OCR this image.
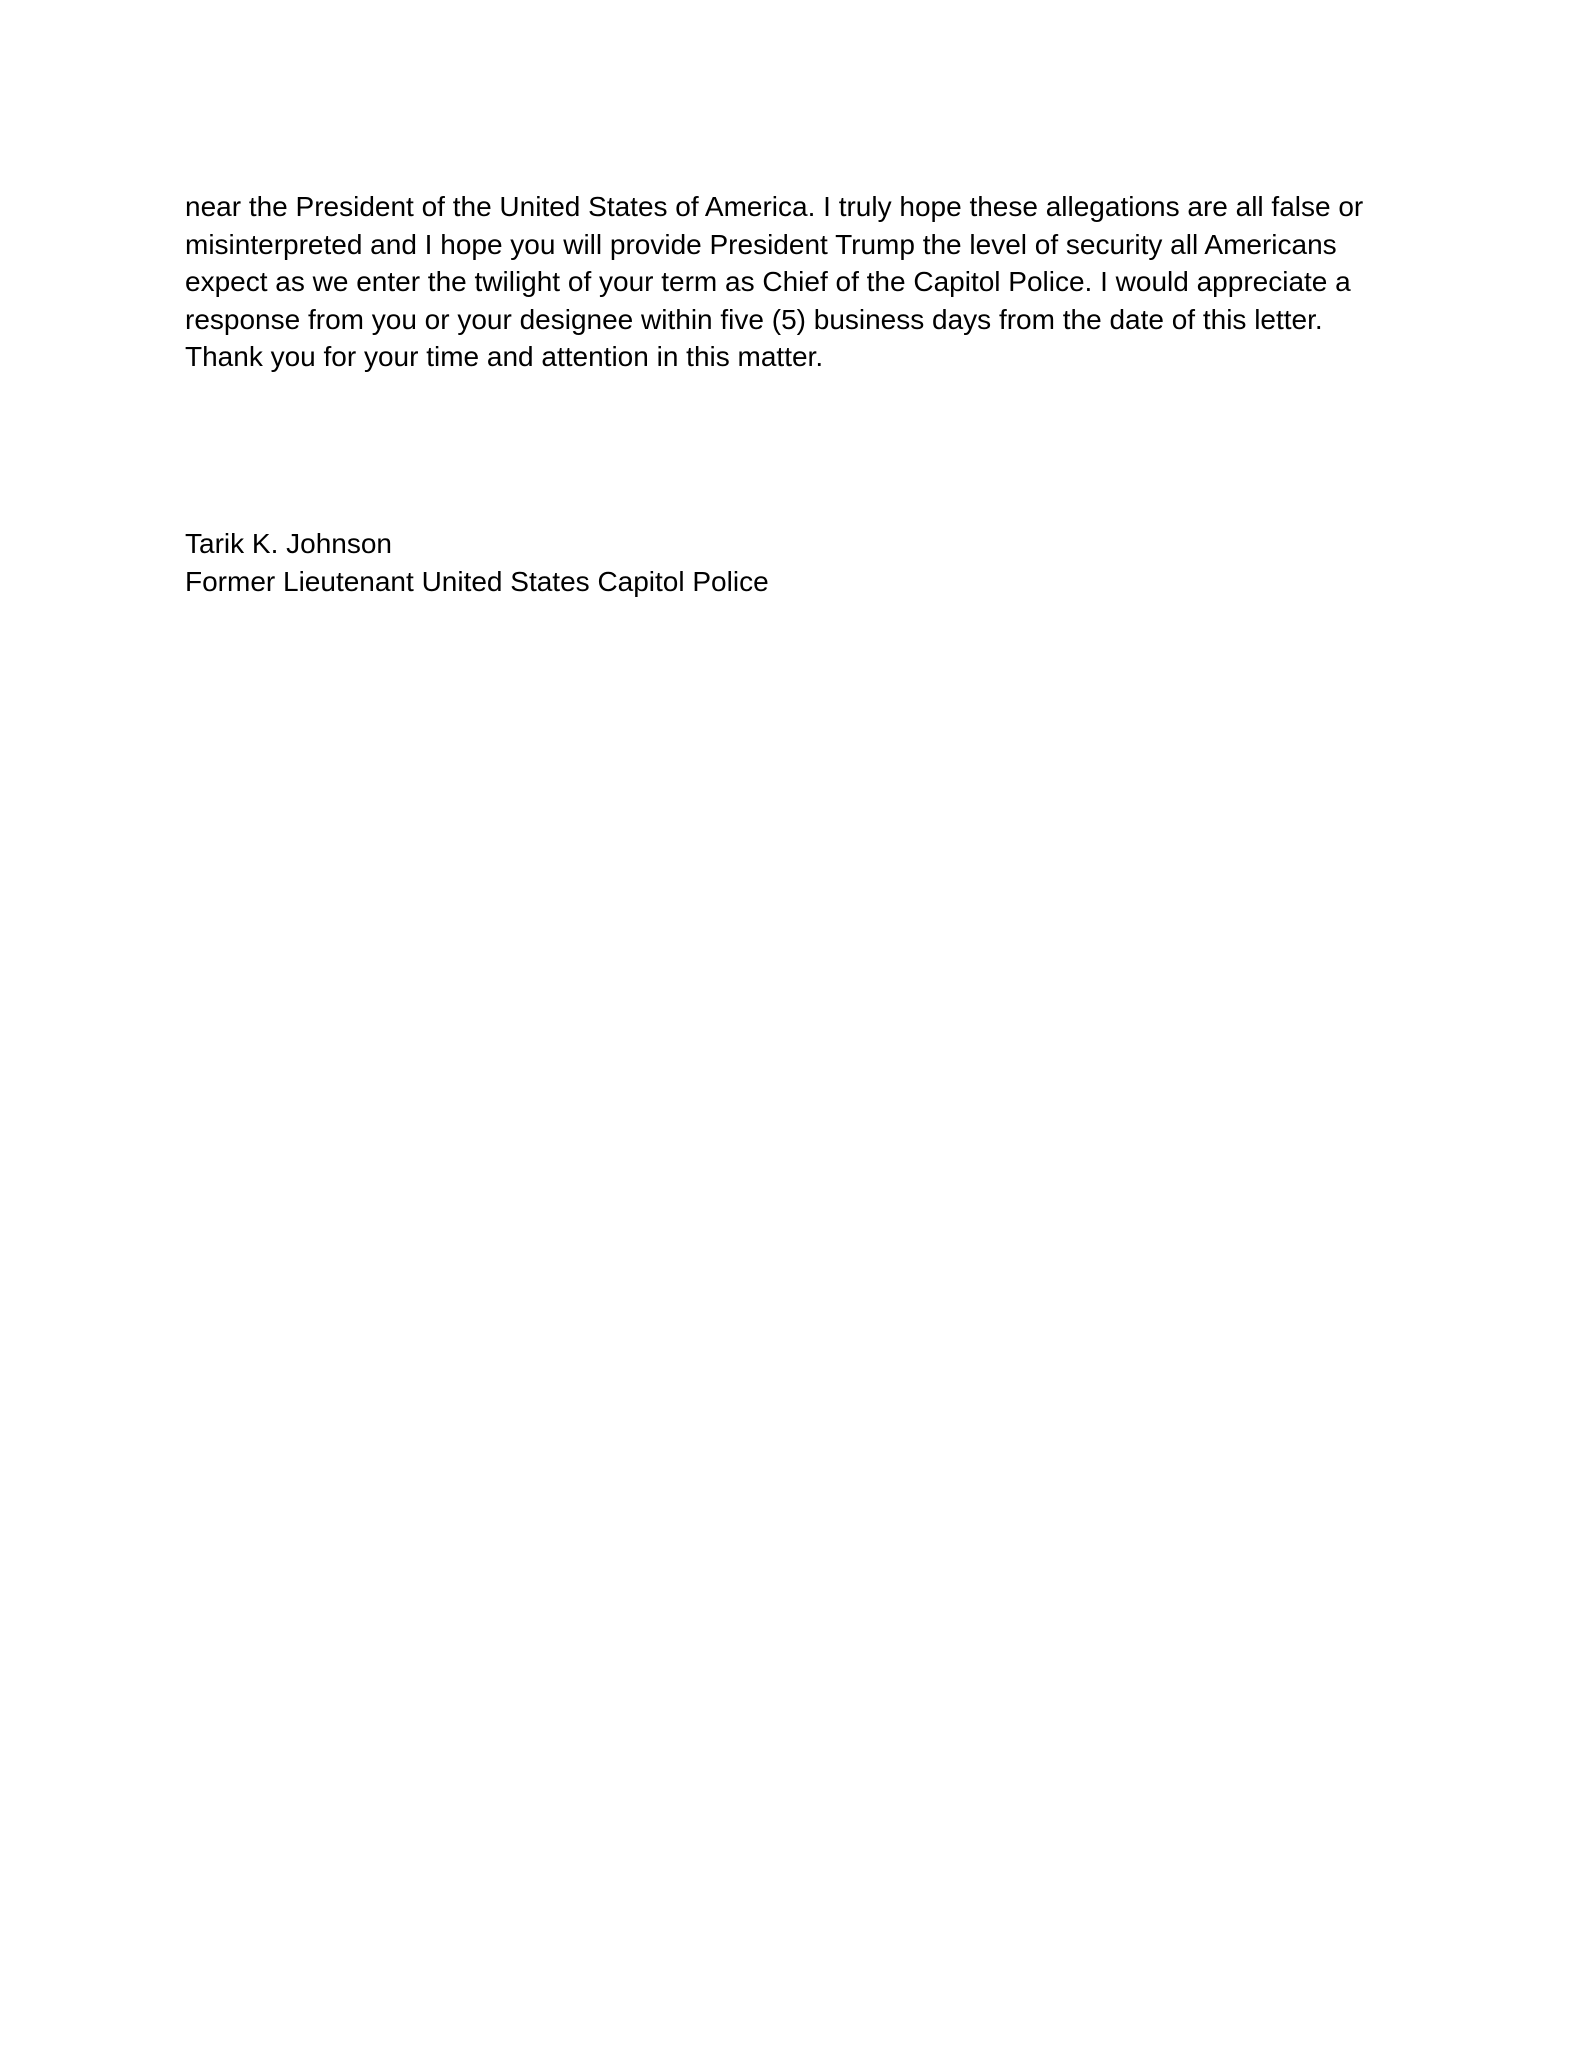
near the President of the United States of America. I truly hope these allegations are all false or
misinterpreted and I hope you will provide President Trump the level of security all Americans
expect as we enter the twilight of your term as Chief of the Capitol Police. I would appreciate a
response from you or your designee within five (5) business days from the date of this letter.
Thank you for your time and attention in this matter.
Tarik K. Johnson
Former Lieutenant United States Capitol Police
